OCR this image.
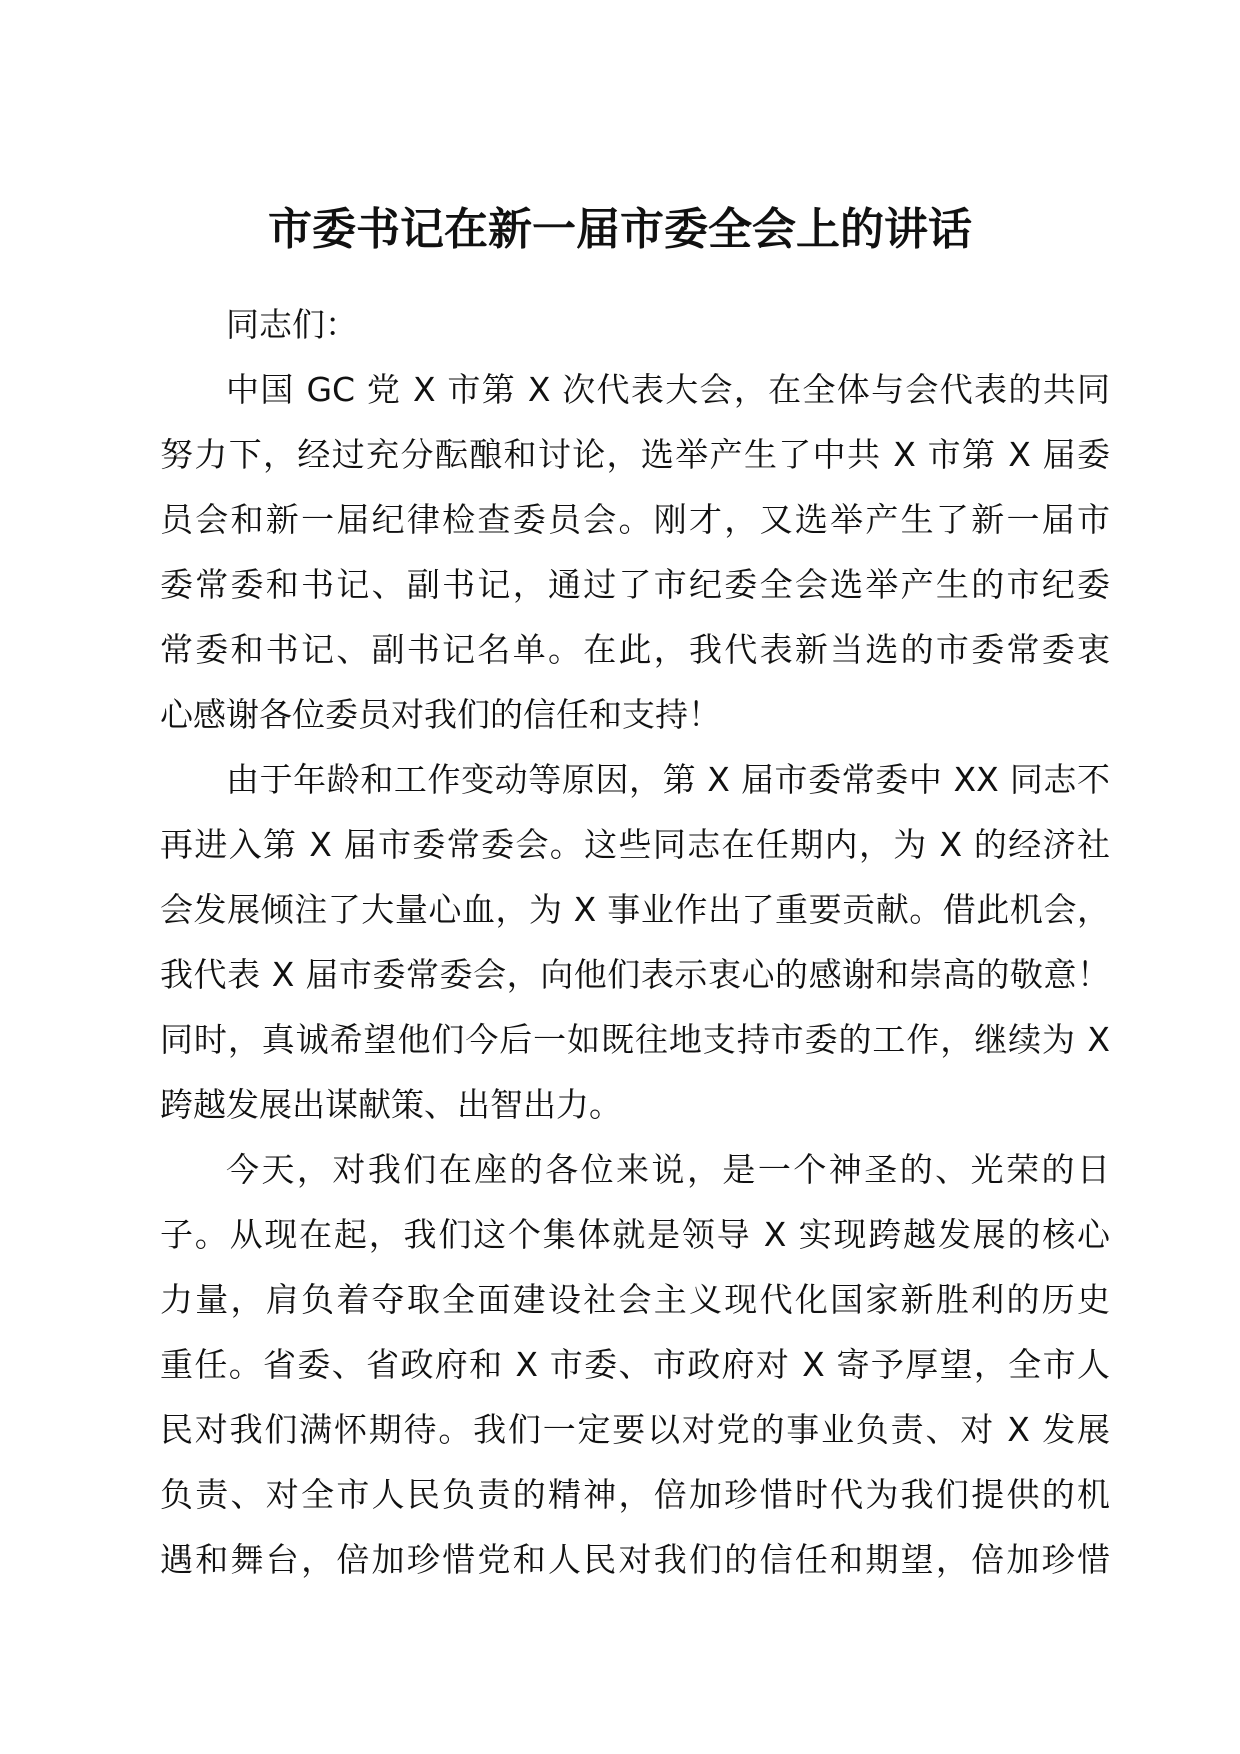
市委书记在新一届市委全会上的讲话
同志们：
中国 GC 党 X 市第 X 次代表大会，在全体与会代表的共同
努力下，经过充分酝酿和讨论，选举产生了中共 X 市第 X 届委
员会和新一届纪律检查委员会。刚才，又选举产生了新一届市
委常委和书记、副书记，通过了市纪委全会选举产生的市纪委
常委和书记、副书记名单。在此，我代表新当选的市委常委衷
心感谢各位委员对我们的信任和支持！
由于年龄和工作变动等原因，第 X 届市委常委中 XX 同志不
再进入第 X 届市委常委会。这些同志在任期内，为 X 的经济社
会发展倾注了大量心血，为 X 事业作出了重要贡献。借此机会，
我代表 X 届市委常委会，向他们表示衷心的感谢和崇高的敬意！
同时，真诚希望他们今后一如既往地支持市委的工作，继续为 X
跨越发展出谋献策、出智出力。
今天，对我们在座的各位来说，是一个神圣的、光荣的日
子。从现在起，我们这个集体就是领导 X 实现跨越发展的核心
力量，肩负着夺取全面建设社会主义现代化国家新胜利的历史
重任。省委、省政府和 X 市委、市政府对 X 寄予厚望，全市人
民对我们满怀期待。我们一定要以对党的事业负责、对 X 发展
负责、对全市人民负责的精神，倍加珍惜时代为我们提供的机
遇和舞台，倍加珍惜党和人民对我们的信任和期望，倍加珍惜
